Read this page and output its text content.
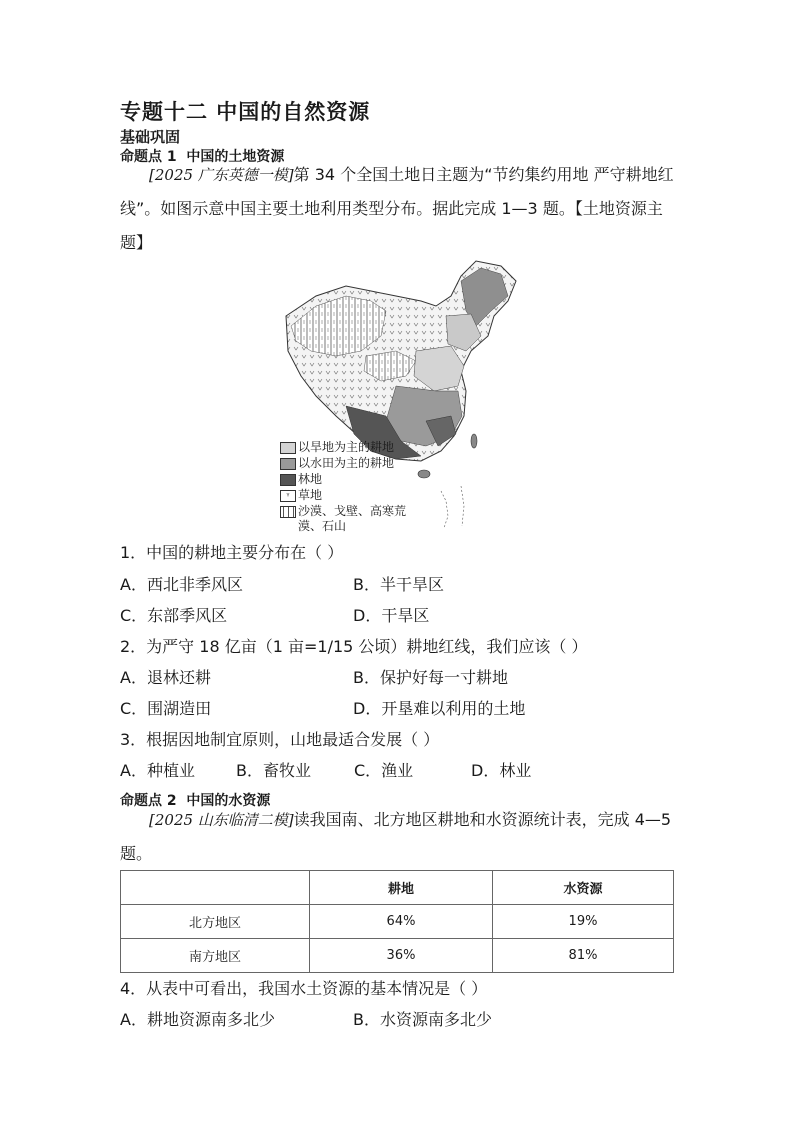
专题十二 中国的自然资源
基础巩固
命题点 1 中国的土地资源
[2025 广东英德一模]第 34 个全国土地日主题为“节约集约用地 严守耕地红线”。如图示意中国主要土地利用类型分布。据此完成 1—3 题。【土地资源主题】
以旱地为主的耕地
以水田为主的耕地
林地
ᵞ 草地
沙漠、戈壁、高寒荒漠、石山
1．中国的耕地主要分布在（ ）
A．西北非季风区	B．半干旱区
C．东部季风区	D．干旱区
2．为严守 18 亿亩（1 亩=1/15 公顷）耕地红线，我们应该（ ）
A．退林还耕	B．保护好每一寸耕地
C．围湖造田	D．开垦难以利用的土地
3．根据因地制宜原则，山地最适合发展（ ）
A．种植业	B．畜牧业	C．渔业	D．林业
命题点 2 中国的水资源
[2025 山东临清二模]读我国南、北方地区耕地和水资源统计表，完成 4—5 题。
	耕地	水资源
北方地区	64%	19%
南方地区	36%	81%
4．从表中可看出，我国水土资源的基本情况是（ ）
A．耕地资源南多北少	B．水资源南多北少
